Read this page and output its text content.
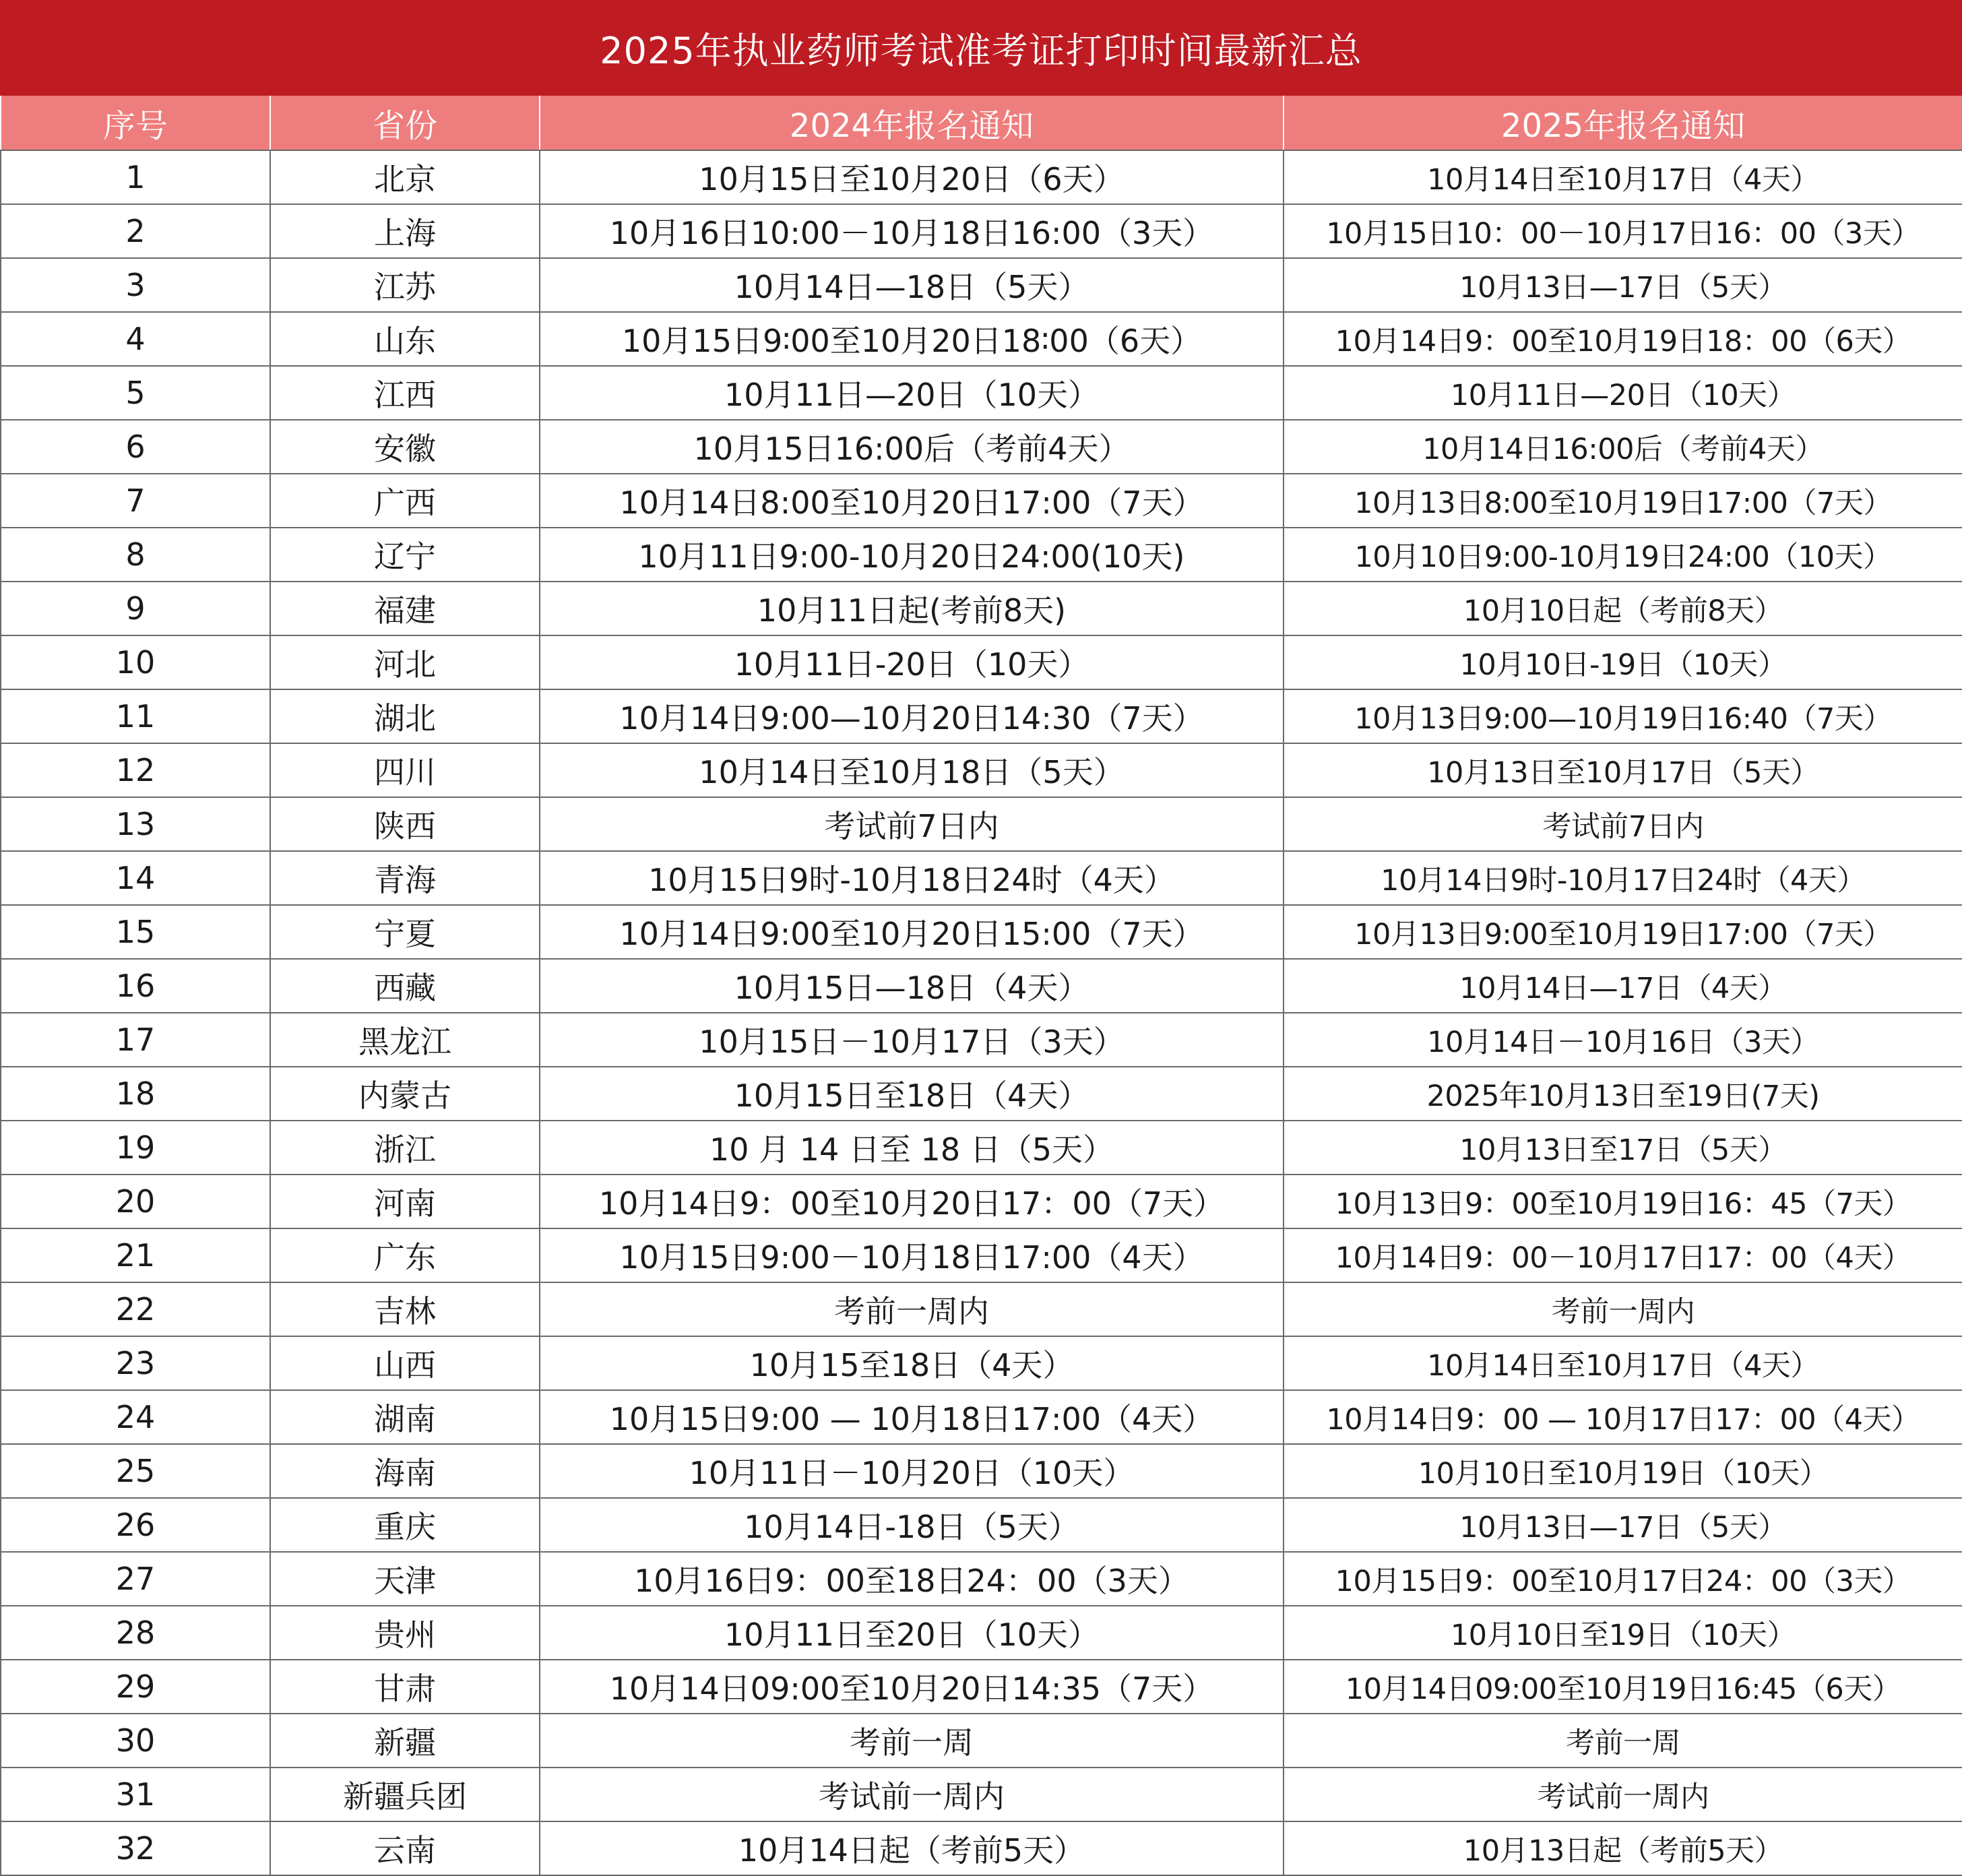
2025年执业药师考试准考证打印时间最新汇总
序号	省份	2024年报名通知	2025年报名通知
1	北京	10月15日至10月20日（6天）	10月14日至10月17日（4天）
2	上海	10月16日10:00－10月18日16:00（3天）	10月15日10：00－10月17日16：00（3天）
3	江苏	10月14日—18日（5天）	10月13日—17日（5天）
4	山东	10月15日9∶00至10月20日18∶00（6天）	10月14日9：00至10月19日18：00（6天）
5	江西	10月11日—20日（10天）	10月11日—20日（10天）
6	安徽	10月15日16:00后（考前4天）	10月14日16:00后（考前4天）
7	广西	10月14日8:00至10月20日17:00（7天）	10月13日8:00至10月19日17:00（7天）
8	辽宁	10月11日9:00-10月20日24:00(10天)	10月10日9:00-10月19日24:00（10天）
9	福建	10月11日起(考前8天)	10月10日起（考前8天）
10	河北	10月11日-20日（10天）	10月10日-19日（10天）
11	湖北	10月14日9:00—10月20日14:30（7天）	10月13日9:00—10月19日16:40（7天）
12	四川	10月14日至10月18日（5天）	10月13日至10月17日（5天）
13	陕西	考试前7日内	考试前7日内
14	青海	10月15日9时-10月18日24时（4天）	10月14日9时-10月17日24时（4天）
15	宁夏	10月14日9:00至10月20日15:00（7天）	10月13日9:00至10月19日17:00（7天）
16	西藏	10月15日—18日（4天）	10月14日—17日（4天）
17	黑龙江	10月15日－10月17日（3天）	10月14日－10月16日（3天）
18	内蒙古	10月15日至18日（4天）	2025年10月13日至19日(7天)
19	浙江	10 月 14 日至 18 日（5天）	10月13日至17日（5天）
20	河南	10月14日9：00至10月20日17：00（7天）	10月13日9：00至10月19日16：45（7天）
21	广东	10月15日9:00－10月18日17:00（4天）	10月14日9：00－10月17日17：00（4天）
22	吉林	考前一周内	考前一周内
23	山西	10月15至18日（4天）	10月14日至10月17日（4天）
24	湖南	10月15日9:00 — 10月18日17:00（4天）	10月14日9：00 — 10月17日17：00（4天）
25	海南	10月11日－10月20日（10天）	10月10日至10月19日（10天）
26	重庆	10月14日-18日（5天）	10月13日—17日（5天）
27	天津	10月16日9：00至18日24：00（3天）	10月15日9：00至10月17日24：00（3天）
28	贵州	10月11日至20日（10天）	10月10日至19日（10天）
29	甘肃	10月14日09:00至10月20日14:35（7天）	10月14日09:00至10月19日16:45（6天）
30	新疆	考前一周	考前一周
31	新疆兵团	考试前一周内	考试前一周内
32	云南	10月14日起（考前5天）	10月13日起（考前5天）
